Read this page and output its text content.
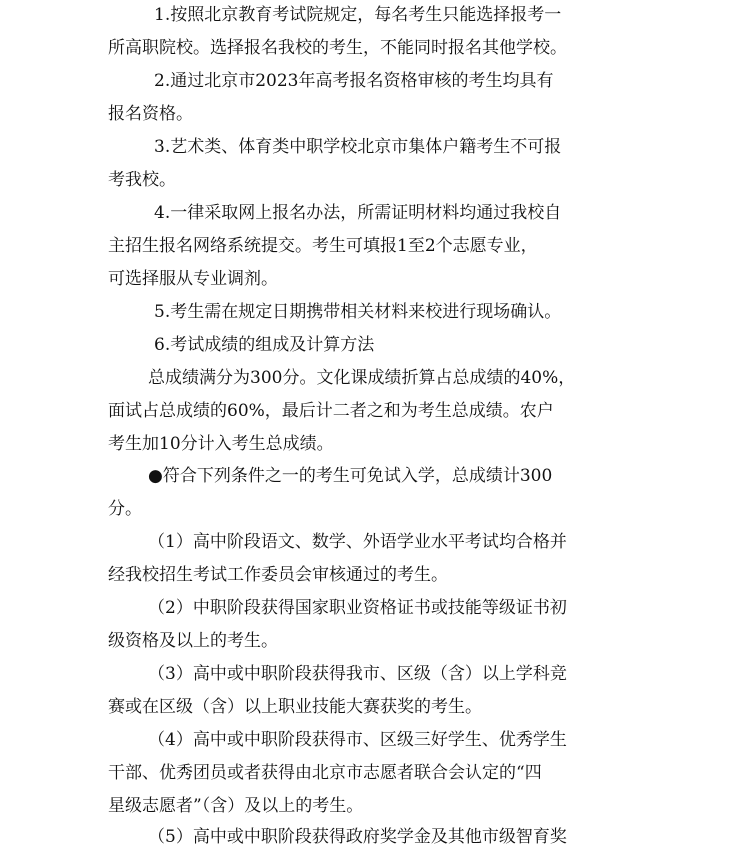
1.按照北京教育考试院规定，每名考生只能选择报考一
所高职院校。选择报名我校的考生，不能同时报名其他学校。
2.通过北京市2023年高考报名资格审核的考生均具有
报名资格。
3.艺术类、体育类中职学校北京市集体户籍考生不可报
考我校。
4.一律采取网上报名办法，所需证明材料均通过我校自
主招生报名网络系统提交。考生可填报1至2个志愿专业，
可选择服从专业调剂。
5.考生需在规定日期携带相关材料来校进行现场确认。
6.考试成绩的组成及计算方法
总成绩满分为300分。文化课成绩折算占总成绩的40%，
面试占总成绩的60%，最后计二者之和为考生总成绩。农户
考生加10分计入考生总成绩。
●符合下列条件之一的考生可免试入学，总成绩计300
分。
（1）高中阶段语文、数学、外语学业水平考试均合格并
经我校招生考试工作委员会审核通过的考生。
（2）中职阶段获得国家职业资格证书或技能等级证书初
级资格及以上的考生。
（3）高中或中职阶段获得我市、区级（含）以上学科竞
赛或在区级（含）以上职业技能大赛获奖的考生。
（4）高中或中职阶段获得市、区级三好学生、优秀学生
干部、优秀团员或者获得由北京市志愿者联合会认定的“四
星级志愿者”（含）及以上的考生。
（5）高中或中职阶段获得政府奖学金及其他市级智育奖
